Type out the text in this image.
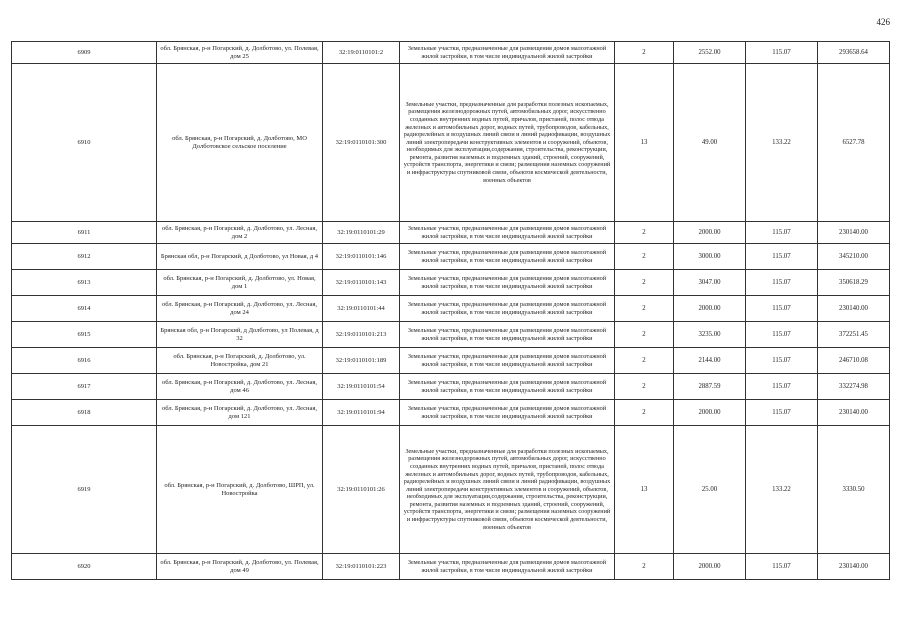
426
6909	обл. Брянская, р-н Погарский, д. Долботово, ул. Полевая, дом 25	32:19:0110101:2	Земельные участки, предназначенные для размещения домов малоэтажной жилой застройки, в том числе индивидуальной жилой застройки	2	2552.00	115.07	293658.64
6910	обл. Брянская, р-н Погарский, д. Долботово, МО Долботовское сельское поселение	32:19:0110101:300	Земельные участки, предназначенные для разработки полезных ископаемых, размещения железнодорожных путей, автомобильных дорог, искусственно созданных внутренних водных путей, причалов, пристаней, полос отвода железных и автомобильных дорог, водных путей, трубопроводов, кабельных, радиорелейных и воздушных линий связи и линий радиофикации, воздушных линий электропередачи конструктивных элементов и сооружений, объектов, необходимых для эксплуатации,содержания, строительства, реконструкции, ремонта, развития наземных и подземных зданий, строений, сооружений, устройств транспорта, энергетики и связи; размещения наземных сооружений и инфраструктуры спутниковой связи, объектов космической деятельности, военных объектов	13	49.00	133.22	6527.78
6911	обл. Брянская, р-н Погарский, д. Долботово, ул. Лесная, дом 2	32:19:0110101:29	Земельные участки, предназначенные для размещения домов малоэтажной жилой застройки, в том числе индивидуальной жилой застройки	2	2000.00	115.07	230140.00
6912	Брянская обл, р-н Погарский, д Долботово, ул Новая, д 4	32:19:0110101:146	Земельные участки, предназначенные для размещения домов малоэтажной жилой застройки, в том числе индивидуальной жилой застройки	2	3000.00	115.07	345210.00
6913	обл. Брянская, р-н Погарский, д. Долботово, ул. Новая, дом 1	32:19:0110101:143	Земельные участки, предназначенные для размещения домов малоэтажной жилой застройки, в том числе индивидуальной жилой застройки	2	3047.00	115.07	350618.29
6914	обл. Брянская, р-н Погарский, д. Долботово, ул. Лесная, дом 24	32:19:0110101:44	Земельные участки, предназначенные для размещения домов малоэтажной жилой застройки, в том числе индивидуальной жилой застройки	2	2000.00	115.07	230140.00
6915	Брянская обл, р-н Погарский, д Долботово, ул Полевая, д 32	32:19:0110101:213	Земельные участки, предназначенные для размещения домов малоэтажной жилой застройки, в том числе индивидуальной жилой застройки	2	3235.00	115.07	372251.45
6916	обл. Брянская, р-н Погарский, д. Долботово, ул. Новостройка, дом 21	32:19:0110101:189	Земельные участки, предназначенные для размещения домов малоэтажной жилой застройки, в том числе индивидуальной жилой застройки	2	2144.00	115.07	246710.08
6917	обл. Брянская, р-н Погарский, д. Долботово, ул. Лесная, дом 46	32:19:0110101:54	Земельные участки, предназначенные для размещения домов малоэтажной жилой застройки, в том числе индивидуальной жилой застройки	2	2887.59	115.07	332274.98
6918	обл. Брянская, р-н Погарский, д. Долботово, ул. Лесная, дом 121	32:19:0110101:94	Земельные участки, предназначенные для размещения домов малоэтажной жилой застройки, в том числе индивидуальной жилой застройки	2	2000.00	115.07	230140.00
6919	обл. Брянская, р-н Погарский, д. Долботово, ШРП, ул. Новостройка	32:19:0110101:26	Земельные участки, предназначенные для разработки полезных ископаемых, размещения железнодорожных путей, автомобильных дорог, искусственно созданных внутренних водных путей, причалов, пристаней, полос отвода железных и автомобильных дорог, водных путей, трубопроводов, кабельных, радиорелейных и воздушных линий связи и линий радиофикации, воздушных линий электропередачи конструктивных элементов и сооружений, объектов, необходимых для эксплуатации,содержания, строительства, реконструкции, ремонта, развития наземных и подземных зданий, строений, сооружений, устройств транспорта, энергетики и связи; размещения наземных сооружений и инфраструктуры спутниковой связи, объектов космической деятельности, военных объектов	13	25.00	133.22	3330.50
6920	обл. Брянская, р-н Погарский, д. Долботово, ул. Полевая, дом 49	32:19:0110101:223	Земельные участки, предназначенные для размещения домов малоэтажной жилой застройки, в том числе индивидуальной жилой застройки	2	2000.00	115.07	230140.00
